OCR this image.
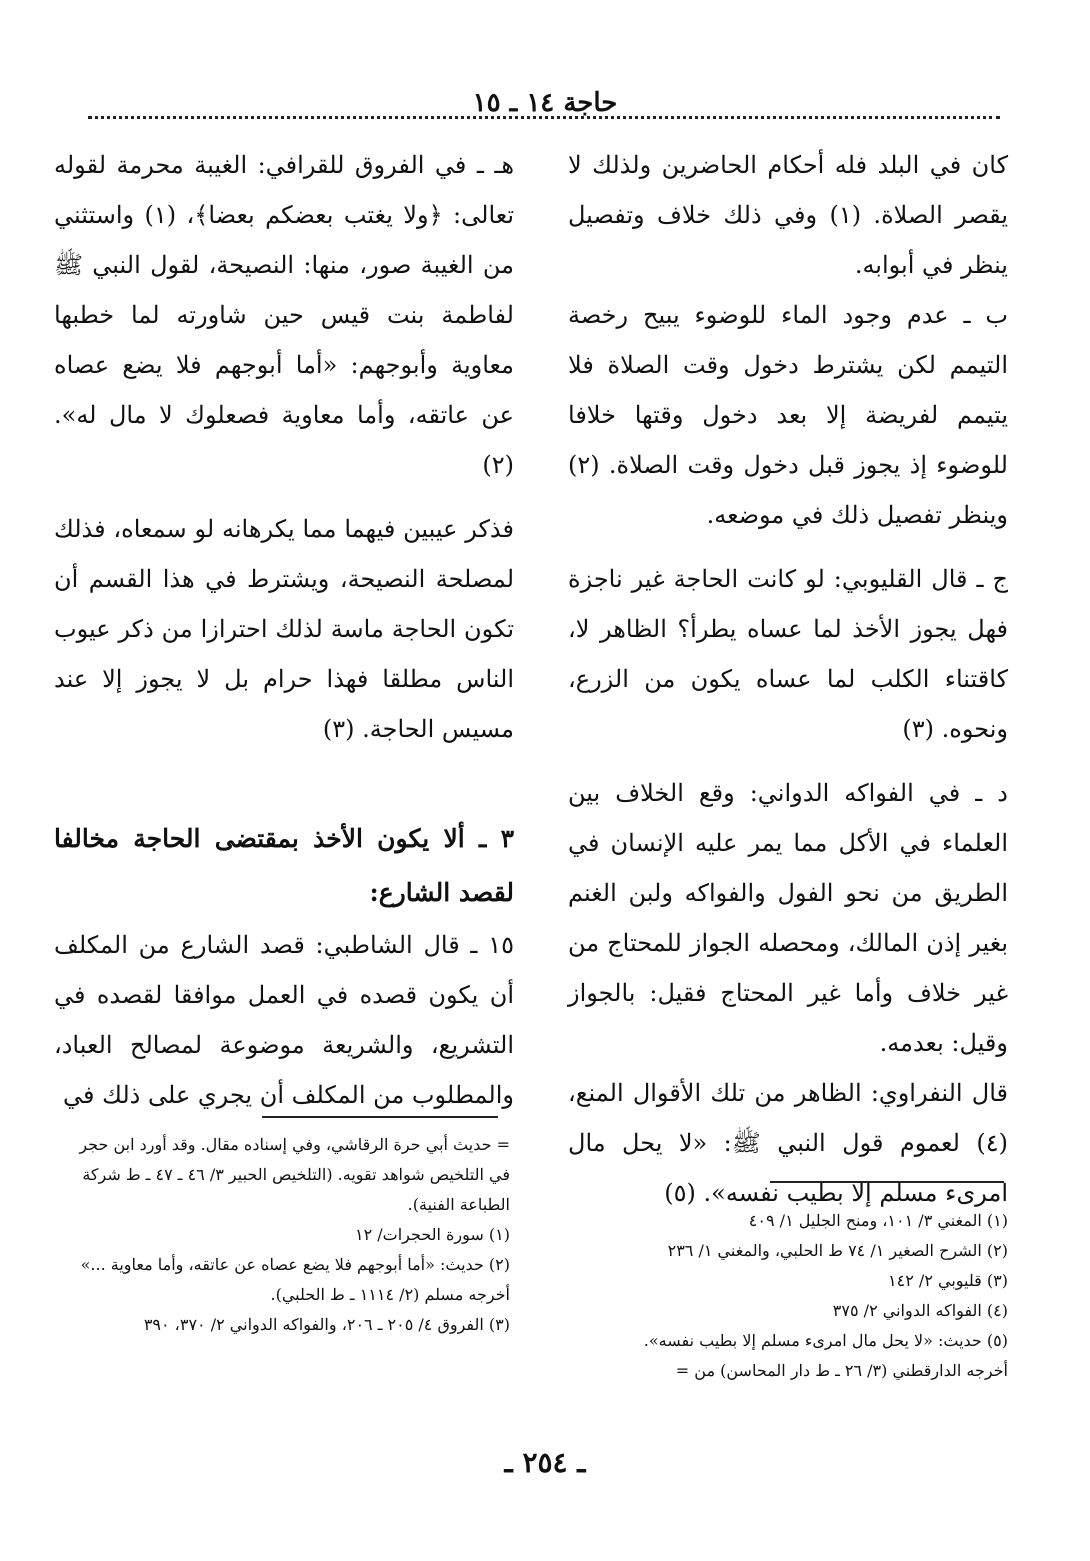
حاجة ١٤ ـ ١٥

كان في البلد فله أحكام الحاضرين ولذلك لا يقصر الصلاة. (١) وفي ذلك خلاف وتفصيل ينظر في أبوابه.

ب ـ عدم وجود الماء للوضوء يبيح رخصة التيمم لكن يشترط دخول وقت الصلاة فلا يتيمم لفريضة إلا بعد دخول وقتها خلافا للوضوء إذ يجوز قبل دخول وقت الصلاة. (٢) وينظر تفصيل ذلك في موضعه.

ج ـ قال القليوبي: لو كانت الحاجة غير ناجزة فهل يجوز الأخذ لما عساه يطرأ؟ الظاهر لا، كاقتناء الكلب لما عساه يكون من الزرع، ونحوه. (٣)

د ـ في الفواكه الدواني: وقع الخلاف بين العلماء في الأكل مما يمر عليه الإنسان في الطريق من نحو الفول والفواكه ولبن الغنم بغير إذن المالك، ومحصله الجواز للمحتاج من غير خلاف وأما غير المحتاج فقيل: بالجواز وقيل: بعدمه.

قال النفراوي: الظاهر من تلك الأقوال المنع، (٤) لعموم قول النبي ﷺ: «لا يحل مال امرىء مسلم إلا بطيب نفسه». (٥)

هـ ـ في الفروق للقرافي: الغيبة محرمة لقوله تعالى: ﴿ولا يغتب بعضكم بعضا﴾، (١) واستثني من الغيبة صور، منها: النصيحة، لقول النبي ﷺ لفاطمة بنت قيس حين شاورته لما خطبها معاوية وأبوجهم: «أما أبوجهم فلا يضع عصاه عن عاتقه، وأما معاوية فصعلوك لا مال له». (٢)

فذكر عيبين فيهما مما يكرهانه لو سمعاه، فذلك لمصلحة النصيحة، ويشترط في هذا القسم أن تكون الحاجة ماسة لذلك احترازا من ذكر عيوب الناس مطلقا فهذا حرام بل لا يجوز إلا عند مسيس الحاجة. (٣)

٣ ـ ألا يكون الأخذ بمقتضى الحاجة مخالفا لقصد الشارع:

١٥ ـ قال الشاطبي: قصد الشارع من المكلف أن يكون قصده في العمل موافقا لقصده في التشريع، والشريعة موضوعة لمصالح العباد، والمطلوب من المكلف أن يجري على ذلك في

= حديث أبي حرة الرقاشي، وفي إسناده مقال. وقد أورد ابن حجر في التلخيص شواهد تقويه. (التلخيص الحبير ٣/ ٤٦ ـ ٤٧ ـ ط شركة الطباعة الفنية).

(١) سورة الحجرات/ ١٢

(٢) حديث: «أما أبوجهم فلا يضع عصاه عن عاتقه، وأما معاوية ...» أخرجه مسلم (٢/ ١١١٤ ـ ط الحلبي).

(٣) الفروق ٤/ ٢٠٥ ـ ٢٠٦، والفواكه الدواني ٢/ ٣٧٠، ٣٩٠

(١) المغني ٣/ ١٠١، ومنح الجليل ١/ ٤٠٩

(٢) الشرح الصغير ١/ ٧٤ ط الحلبي، والمغني ١/ ٢٣٦

(٣) قليوبي ٢/ ١٤٢

(٤) الفواكه الدواني ٢/ ٣٧٥

(٥) حديث: «لا يحل مال امرىء مسلم إلا بطيب نفسه».

أخرجه الدارقطني (٣/ ٢٦ ـ ط دار المحاسن) من =

ـ ٢٥٤ ـ
